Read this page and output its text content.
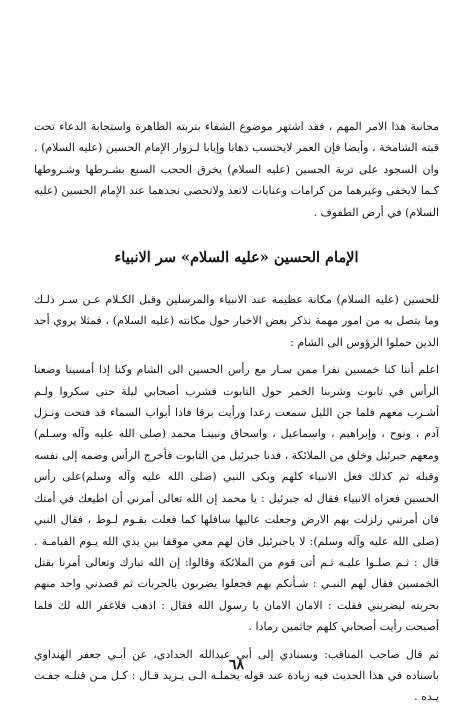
مجانبة هذا الامر المهم ، فقد اشتهر موضوع الشفاء بتربته الطاهرة واستجابة الدعاء تحت قبته الشامخة ، وأيضا فإن العمر لايحتسب ذهابا وإيابا لـزوار الإمام الحسين (عليه السلام) . وان السجود على تربة الحسين (عليه السلام) يخرق الحجب السبع بشـرطها وشـروطها كـما لايخفى وغيرهما من كرامات وعنايات لاتعد ولاتحصى نجدهما عند الإمام الحسين (عليه السلام) في أرض الطفوف .

الإمام الحسين «عليه السلام» سر الانبياء

للحسين (عليه السلام) مكانة عظيمة عند الانبياء والمرسلين وقبل الكـلام عـن سـر ذلـك وما يتصل به من امور مهمة نذكر بعض الاخبار حول مكانته (عليه السلام) ، فمثلا يروي أحد الذين حملوا الرؤوس الى الشام :

اعلم أننا كنا خمسين نفرا ممن سـار مع رأس الحسين الى الشام وكنا إذا أمسينا وضعنا الرأس في تابوت وشربنا الخمر حول التابوت فشرب أصحابي ليلة حتى سكروا ولـم أشـرب معهم فلما جن الليل سمعت رعدا ورأيت برقا فاذا أبواب السماء قد فتحت ونـزل آدم ، ونوح ، وإبراهيم ، واسماعيل ، واسحاق ونبينـا محمد (صلى الله عليه وآله وسـلم) ومعهم جبرئيل وخلق من الملائكة ، فدنا جبرئيل من التابوت فأخرج الرأس وضمه إلى نفسه وقبله ثم كذلك فعل الانبياء كلهم وبكى النبي (صلى الله عليه وآله وسلم)على رأس الحسين فعزاه الانبياء فقال له جبرئيل : يا محمد إن الله تعالى أمرني أن اطيعك في أمتك فان أمرتني زلزلت بهم الارض وجعلت عاليها سافلها كما فعلت بقـوم لـوط ، فقال النبي (صلى الله عليه وآله وسلم): لا ياجبرئيل فان لهم معي موقفا بين يدي الله يـوم القيامـة . قال : ثـم صلـوا عليـه ثـم أتى قوم من الملائكة وقالوا: إن الله تبارك وتعالى أمرنا بقتل الخمسين فقال لهم النبـي : شـأنكم بهم فجعلوا يضربون بالحربات ثم قصدني واحد منهم بحربته ليضربني فقلت : الامان الامان يا رسول الله فقال : اذهب فلاغفر الله لك فلما أصبحت رأيت أصحابي كلهم جاثمين رمادا .

ثم قال صاحب المناقب: وبسنادي إلى أبي عبدالله الحدادي، عن أبـي جعفر الهنداوي باسناده في هذا الحديث فيه زيادة عند قوله يحملـه الـى يـزيد قـال : كـل مـن قتلـه جفـت يـده .

٦٨
